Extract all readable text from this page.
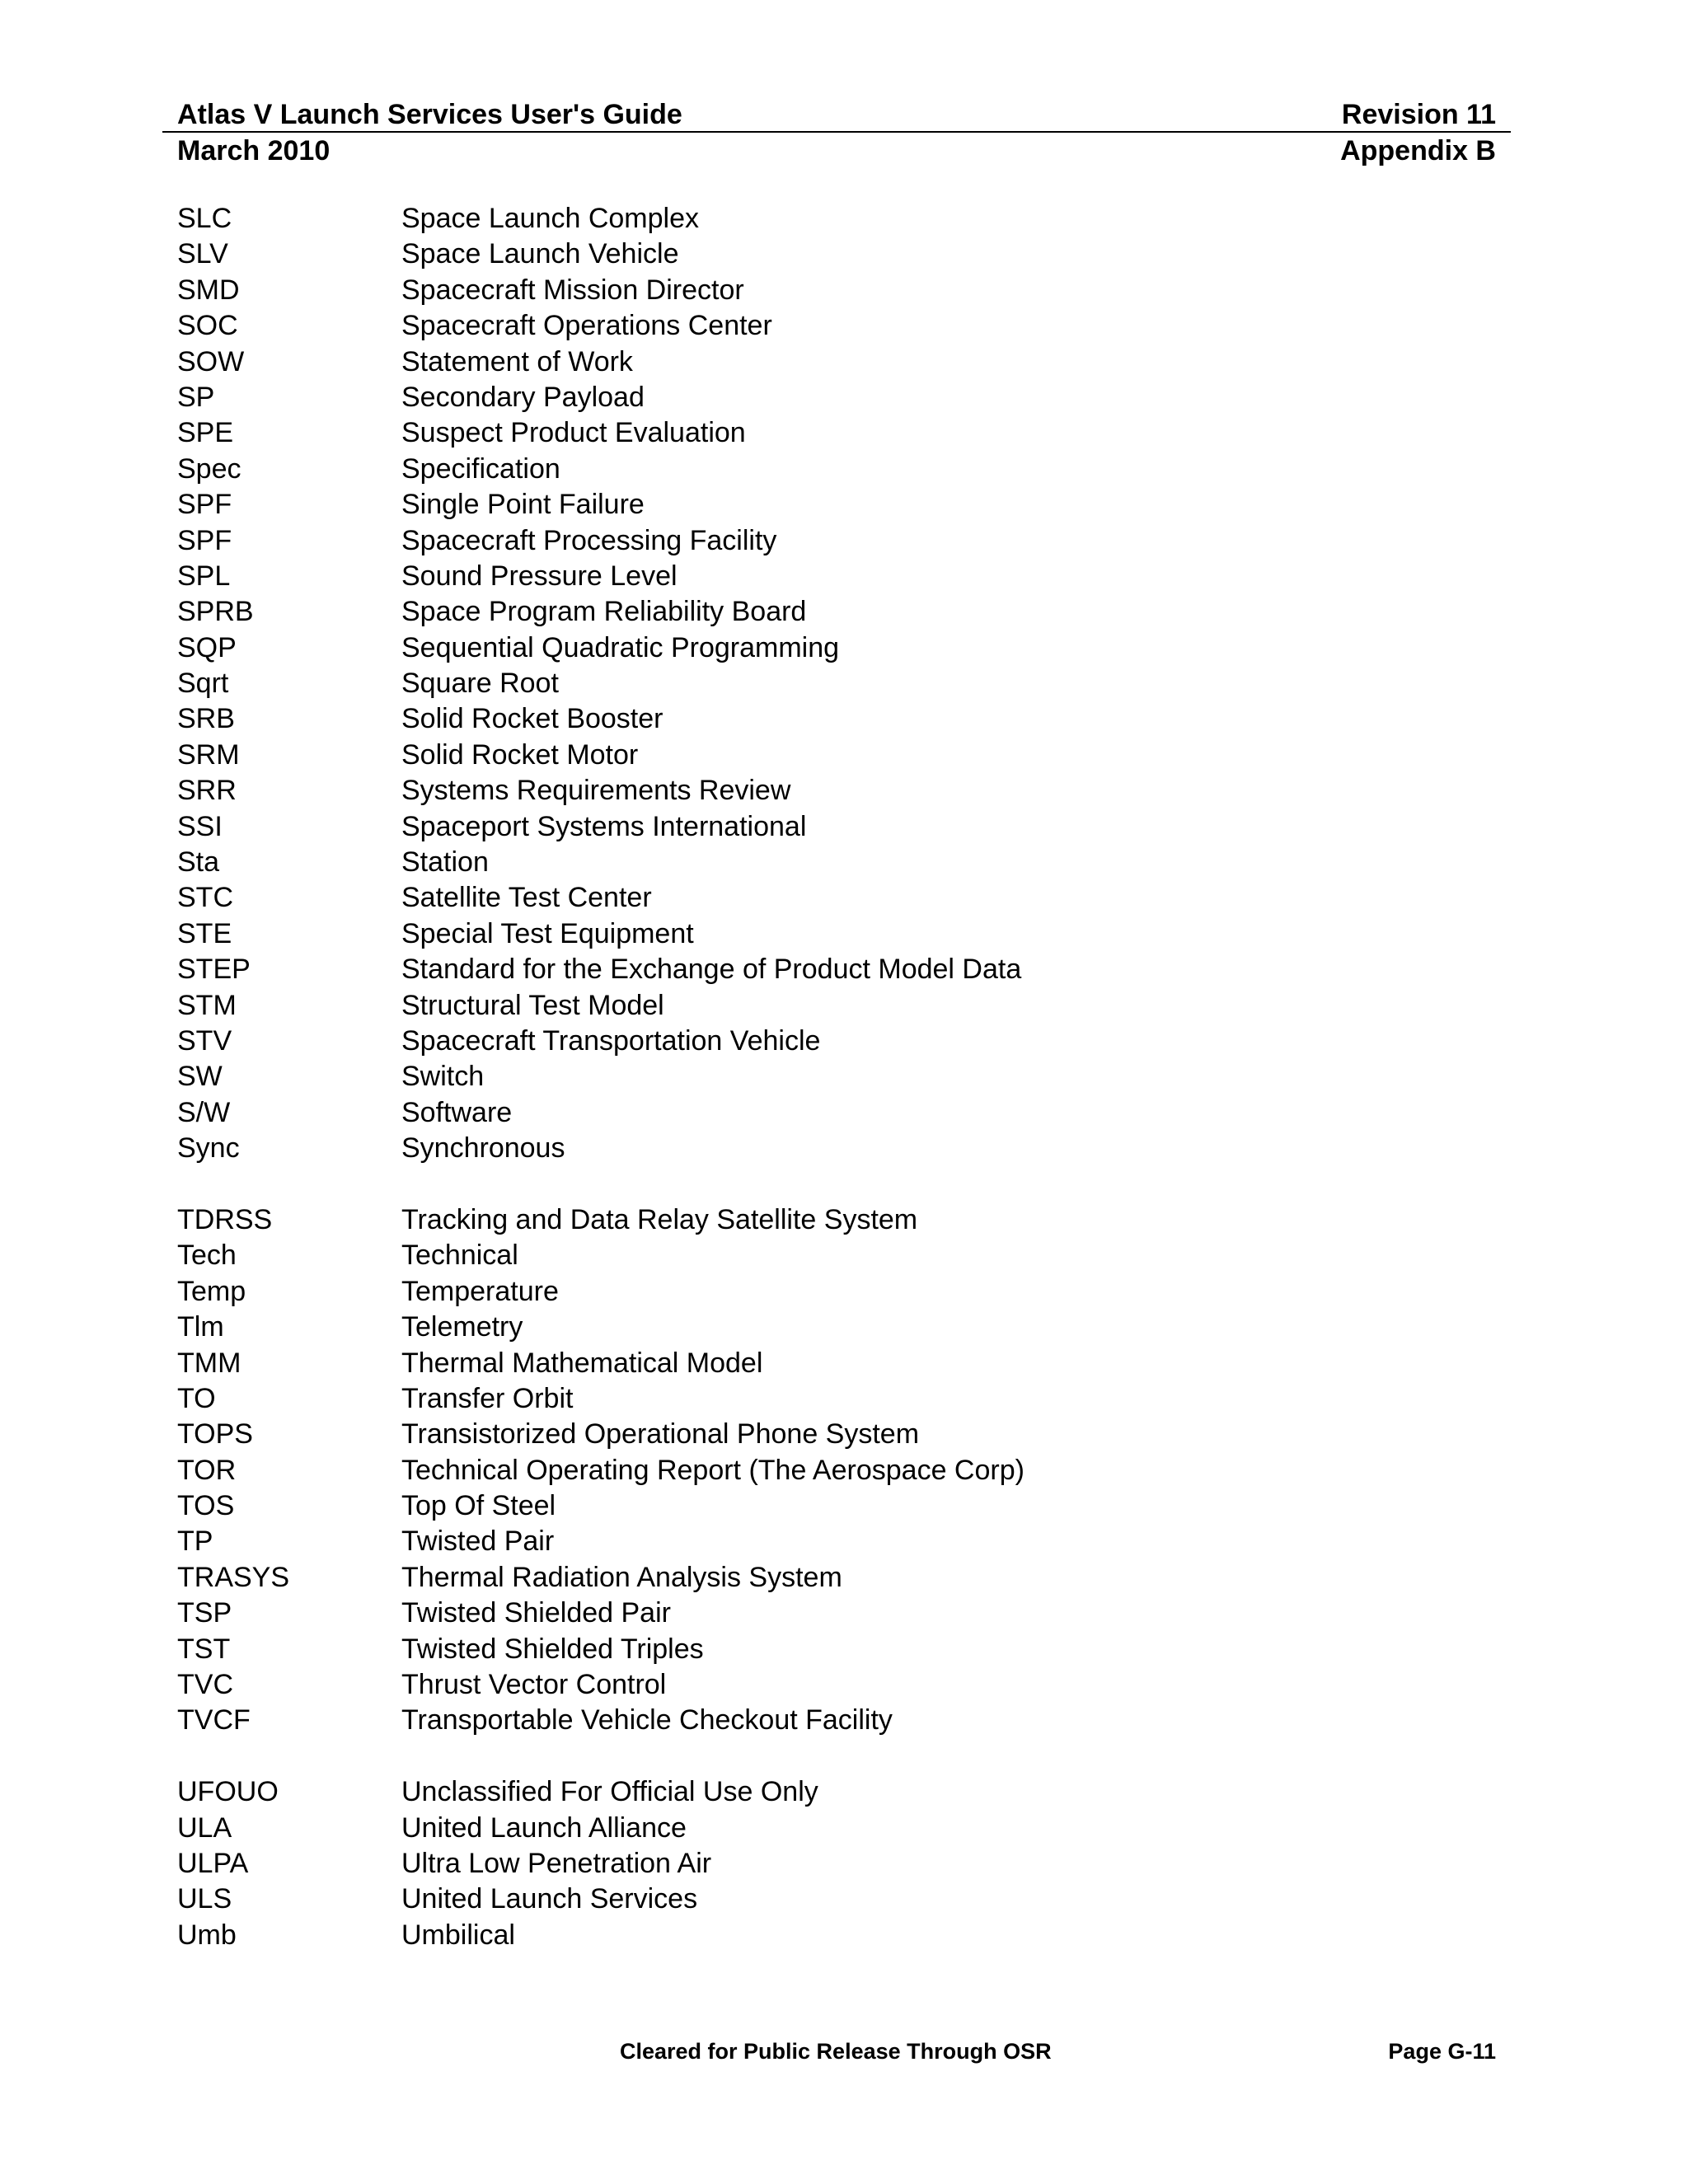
Atlas V Launch Services User's Guide	Revision 11
March 2010	Appendix B
SLC	Space Launch Complex
SLV	Space Launch Vehicle
SMD	Spacecraft Mission Director
SOC	Spacecraft Operations Center
SOW	Statement of Work
SP	Secondary Payload
SPE	Suspect Product Evaluation
Spec	Specification
SPF	Single Point Failure
SPF	Spacecraft Processing Facility
SPL	Sound Pressure Level
SPRB	Space Program Reliability Board
SQP	Sequential Quadratic Programming
Sqrt	Square Root
SRB	Solid Rocket Booster
SRM	Solid Rocket Motor
SRR	Systems Requirements Review
SSI	Spaceport Systems International
Sta	Station
STC	Satellite Test Center
STE	Special Test Equipment
STEP	Standard for the Exchange of Product Model Data
STM	Structural Test Model
STV	Spacecraft Transportation Vehicle
SW	Switch
S/W	Software
Sync	Synchronous
TDRSS	Tracking and Data Relay Satellite System
Tech	Technical
Temp	Temperature
Tlm	Telemetry
TMM	Thermal Mathematical Model
TO	Transfer Orbit
TOPS	Transistorized Operational Phone System
TOR	Technical Operating Report (The Aerospace Corp)
TOS	Top Of Steel
TP	Twisted Pair
TRASYS	Thermal Radiation Analysis System
TSP	Twisted Shielded Pair
TST	Twisted Shielded Triples
TVC	Thrust Vector Control
TVCF	Transportable Vehicle Checkout Facility
UFOUO	Unclassified For Official Use Only
ULA	United Launch Alliance
ULPA	Ultra Low Penetration Air
ULS	United Launch Services
Umb	Umbilical
Cleared for Public Release Through OSR	Page G-11
